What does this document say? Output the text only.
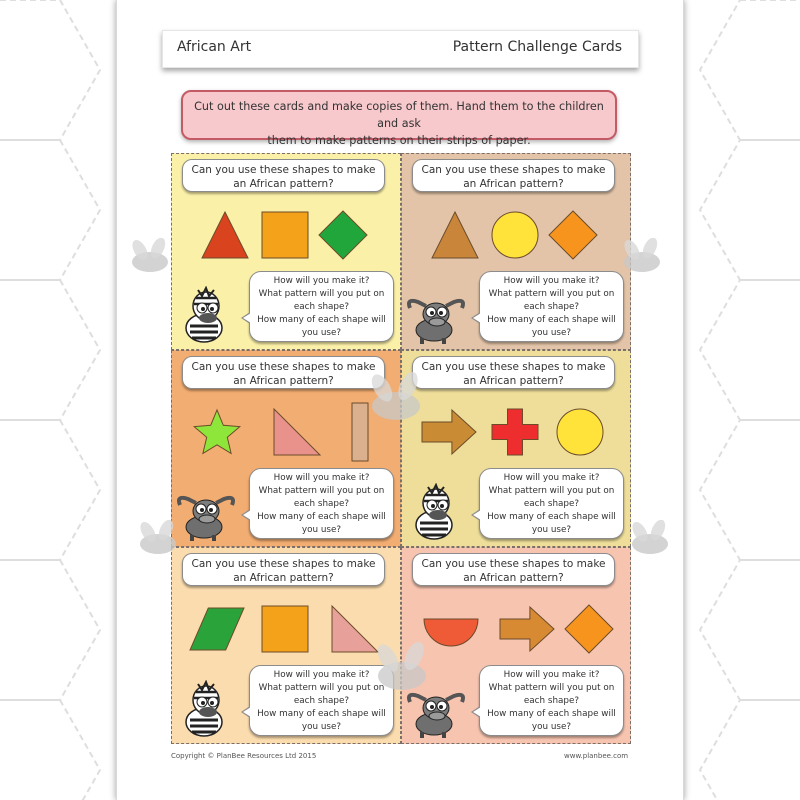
African Art	Pattern Challenge Cards
Cut out these cards and make copies of them. Hand them to the children and ask
them to make patterns on their strips of paper.
Can you use these shapes to make
an African pattern?
How will you make it?
What pattern will you put on
each shape?
How many of each shape will
you use?
Can you use these shapes to make
an African pattern?
How will you make it?
What pattern will you put on
each shape?
How many of each shape will
you use?
Can you use these shapes to make
an African pattern?
How will you make it?
What pattern will you put on
each shape?
How many of each shape will
you use?
Can you use these shapes to make
an African pattern?
How will you make it?
What pattern will you put on
each shape?
How many of each shape will
you use?
Can you use these shapes to make
an African pattern?
How will you make it?
What pattern will you put on
each shape?
How many of each shape will
you use?
Can you use these shapes to make
an African pattern?
How will you make it?
What pattern will you put on
each shape?
How many of each shape will
you use?
Copyright © PlanBee Resources Ltd 2015	www.planbee.com
